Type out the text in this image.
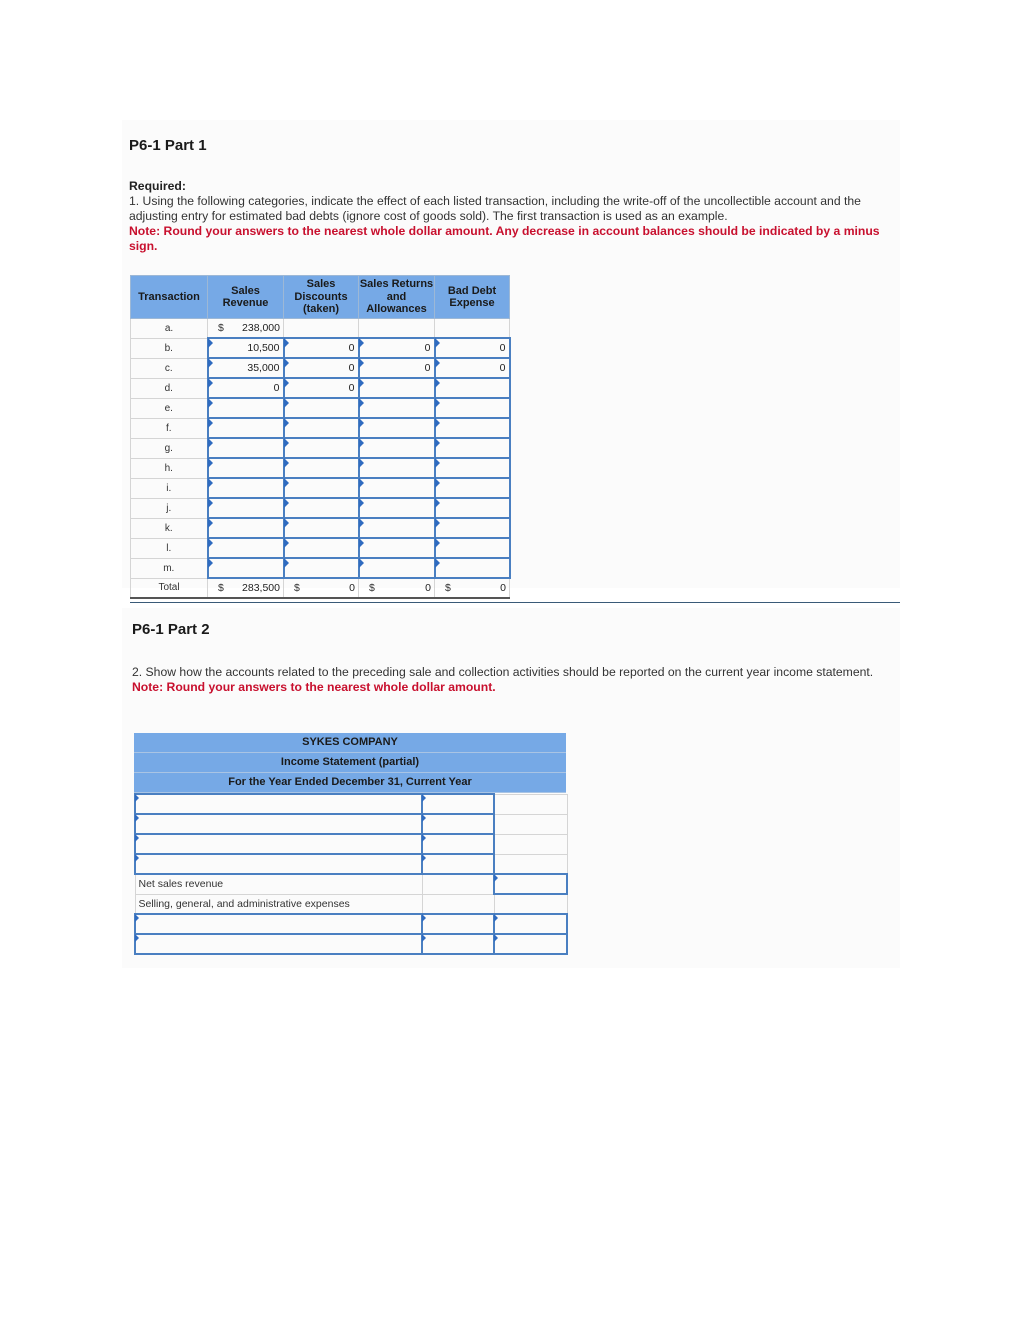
P6-1 Part 1
Required:
1. Using the following categories, indicate the effect of each listed transaction, including the write-off of the uncollectible account and the adjusting entry for estimated bad debts (ignore cost of goods sold). The first transaction is used as an example.
Note: Round your answers to the nearest whole dollar amount. Any decrease in account balances should be indicated by a minus sign.
Transaction	Sales Revenue	Sales Discounts (taken)	Sales Returns and Allowances	Bad Debt Expense
a.	$ 238,000			

b.	10,500	0	0	0

c.	35,000	0	0	0

d.	0	0		

e.	

f.	

g.	

h.	

i.	

j.	

k.	

l.	

m.	

Total	$ 283,500	$ 0	$ 0	$ 0
P6-1 Part 2
2. Show how the accounts related to the preceding sale and collection activities should be reported on the current year income statement.
Note: Round your answers to the nearest whole dollar amount.
SYKES COMPANY
Income Statement (partial)
For the Year Ended December 31, Current Year

Net sales revenue		
Selling, general, and administrative expenses		
